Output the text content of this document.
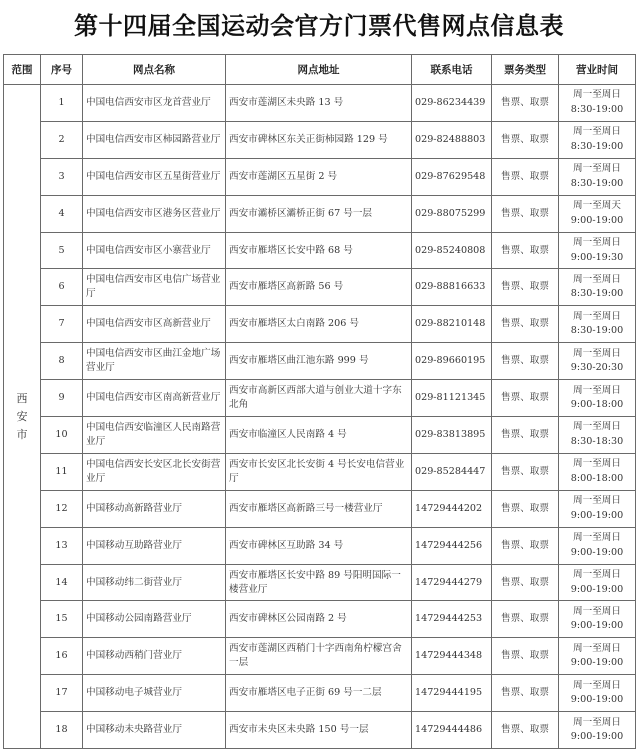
第十四届全国运动会官方门票代售网点信息表
范围	序号	网点名称	网点地址	联系电话	票务类型	营业时间
西安市	1	中国电信西安市区龙首营业厅	西安市莲湖区未央路 13 号	029-86234439	售票、取票	周一至周日
8:30-19:00

	2	中国电信西安市区柿园路营业厅	西安市碑林区东关正街柿园路 129 号	029-82488803	售票、取票	周一至周日
8:30-19:00

	3	中国电信西安市区五星街营业厅	西安市莲湖区五星街 2 号	029-87629548	售票、取票	周一至周日
8:30-19:00

	4	中国电信西安市区港务区营业厅	西安市灞桥区灞桥正街 67 号一层	029-88075299	售票、取票	周一至周天
9:00-19:00

	5	中国电信西安市区小寨营业厅	西安市雁塔区长安中路 68 号	029-85240808	售票、取票	周一至周日
9:00-19:30

	6	中国电信西安市区电信广场营业厅	西安市雁塔区高新路 56 号	029-88816633	售票、取票	周一至周日
8:30-19:00

	7	中国电信西安市区高新营业厅	西安市雁塔区太白南路 206 号	029-88210148	售票、取票	周一至周日
8:30-19:00

	8	中国电信西安市区曲江金地广场营业厅	西安市雁塔区曲江池东路 999 号	029-89660195	售票、取票	周一至周日
9:30-20:30

	9	中国电信西安市区南高新营业厅	西安市高新区西部大道与创业大道十字东北角	029-81121345	售票、取票	周一至周日
9:00-18:00

	10	中国电信西安临潼区人民南路营业厅	西安市临潼区人民南路 4 号	029-83813895	售票、取票	周一至周日
8:30-18:30

	11	中国电信西安长安区北长安街营业厅	西安市长安区北长安街 4 号长安电信营业厅	029-85284447	售票、取票	周一至周日
8:00-18:00

	12	中国移动高新路营业厅	西安市雁塔区高新路三号一楼营业厅	14729444202	售票、取票	周一至周日
9:00-19:00

	13	中国移动互助路营业厅	西安市碑林区互助路 34 号	14729444256	售票、取票	周一至周日
9:00-19:00

	14	中国移动纬二街营业厅	西安市雁塔区长安中路 89 号阳明国际一楼营业厅	14729444279	售票、取票	周一至周日
9:00-19:00

	15	中国移动公园南路营业厅	西安市碑林区公园南路 2 号	14729444253	售票、取票	周一至周日
9:00-19:00

	16	中国移动西稍门营业厅	西安市莲湖区西稍门十字西南角柠檬宫舍一层	14729444348	售票、取票	周一至周日
9:00-19:00

	17	中国移动电子城营业厅	西安市雁塔区电子正街 69 号一二层	14729444195	售票、取票	周一至周日
9:00-19:00

	18	中国移动未央路营业厅	西安市未央区未央路 150 号一层	14729444486	售票、取票	周一至周日
9:00-19:00
